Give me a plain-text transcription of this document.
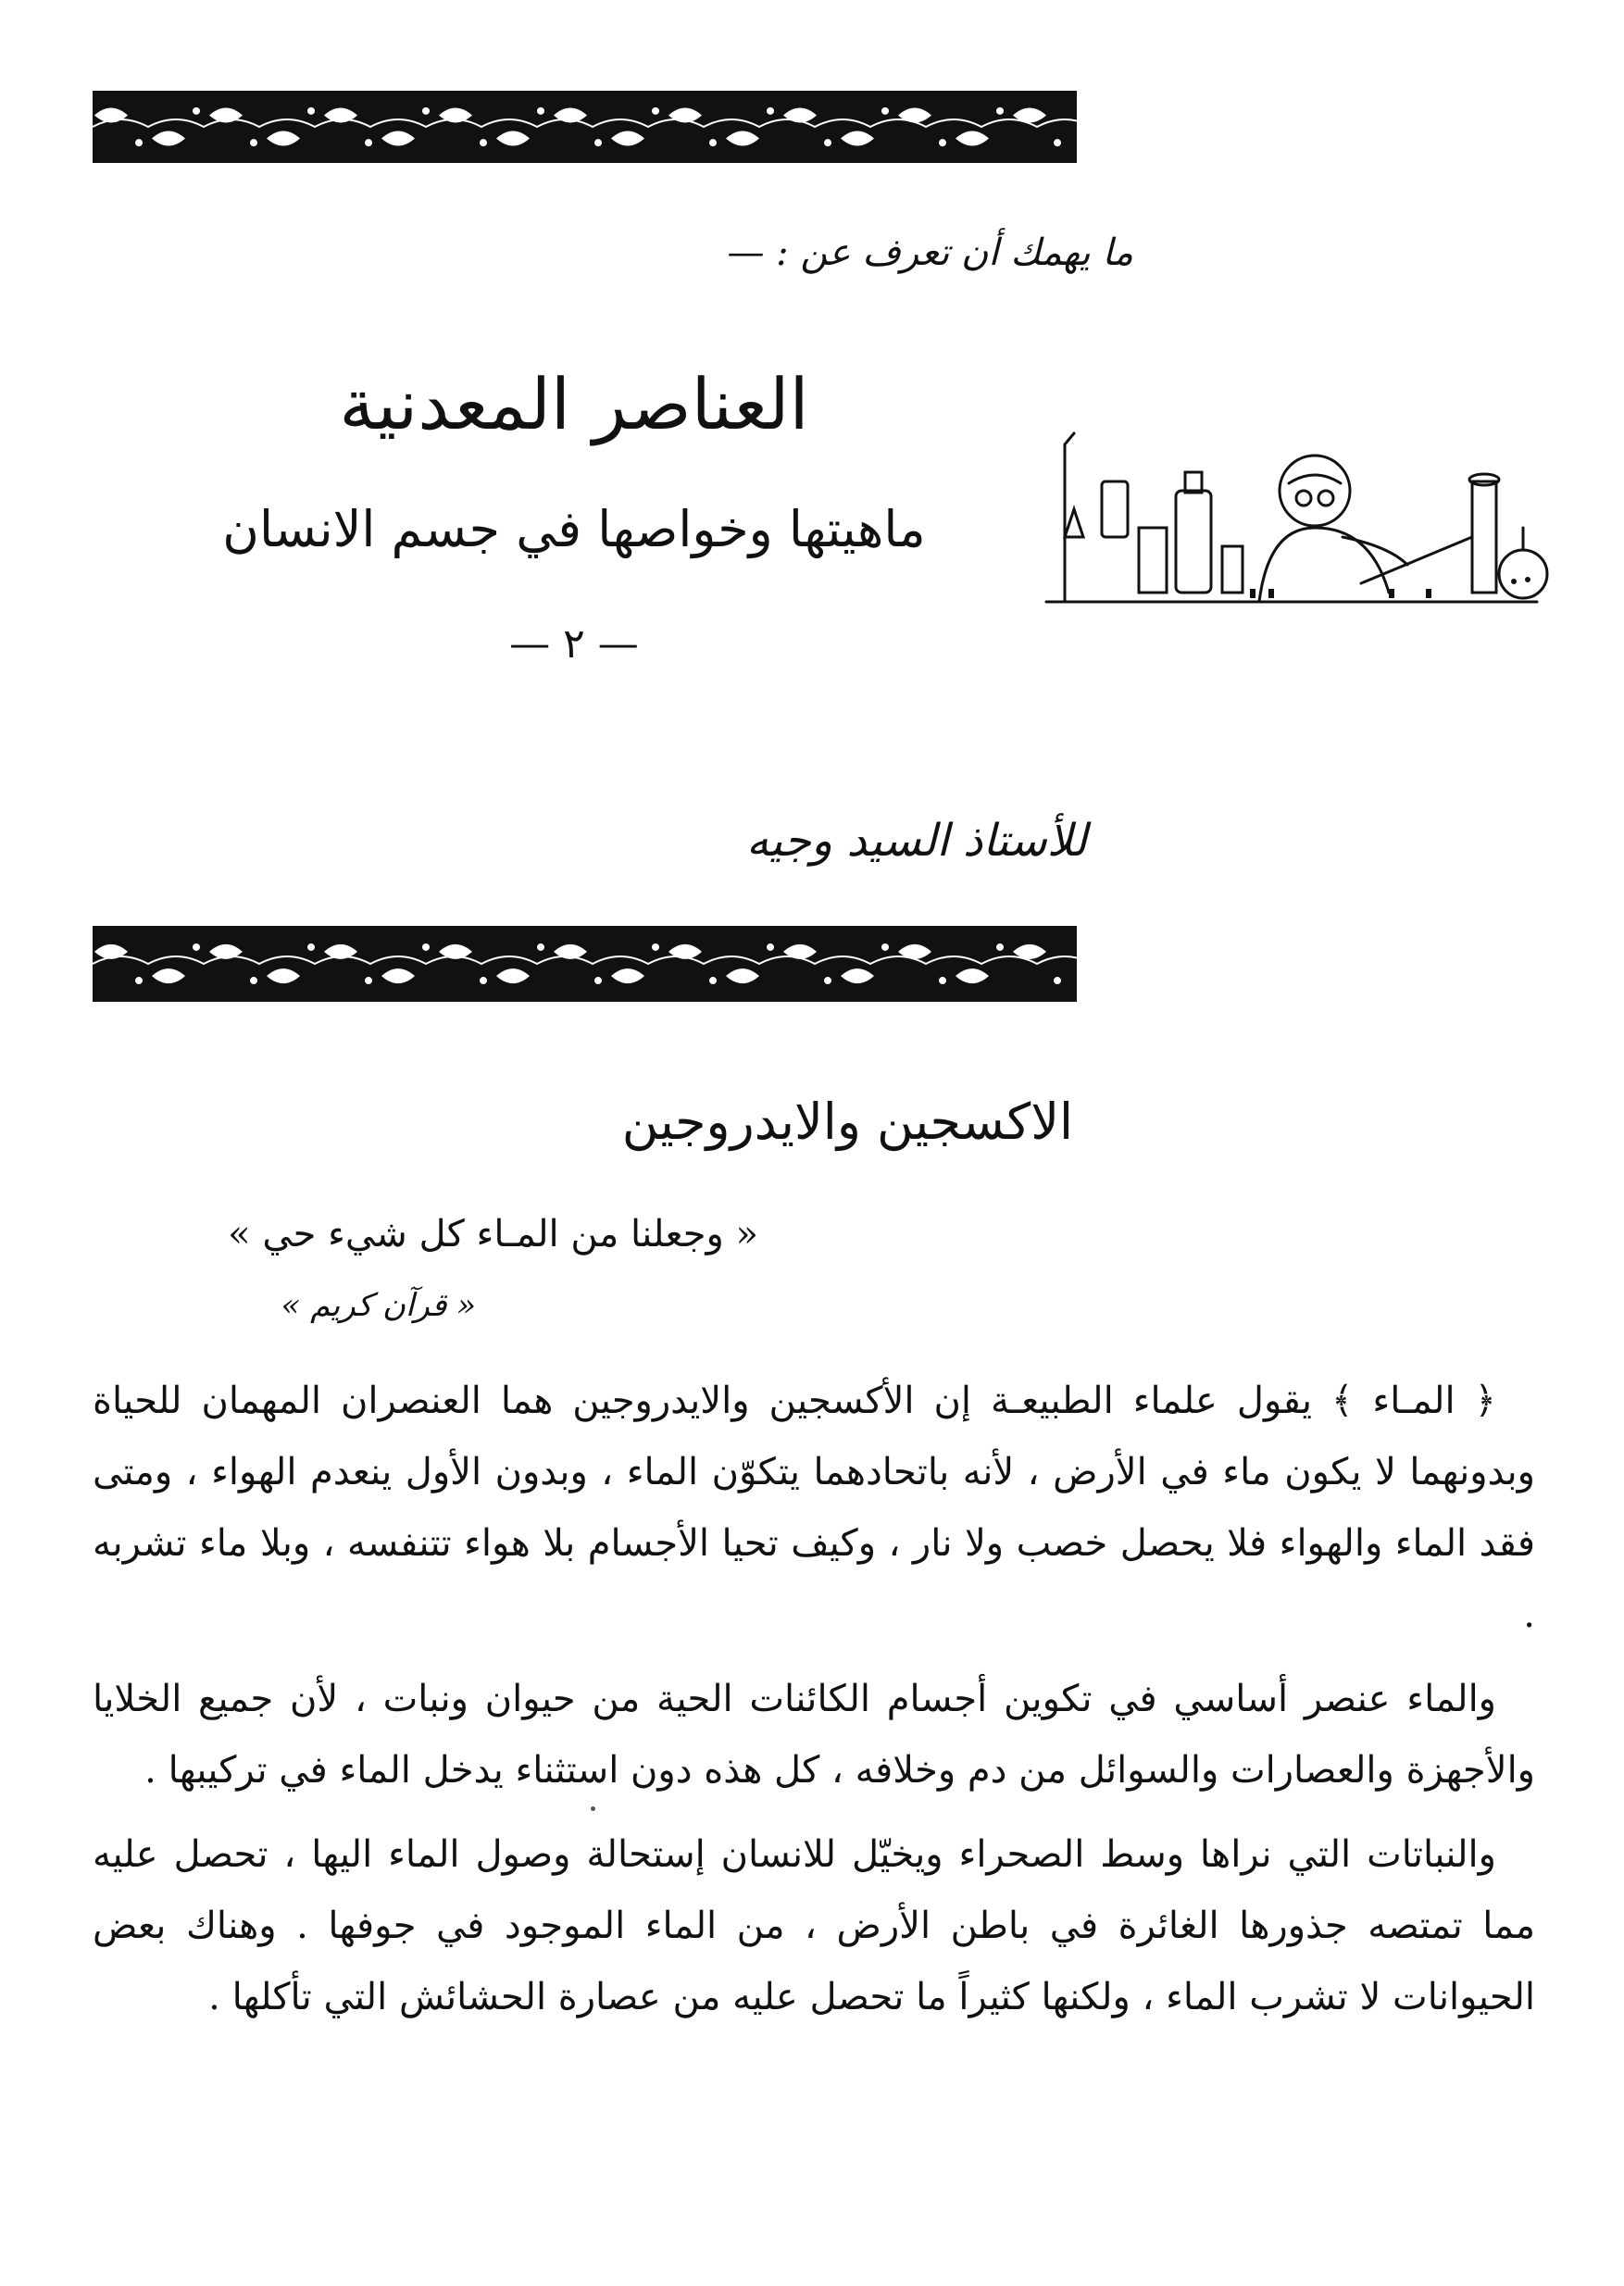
ما يهمك أن تعرف عن : —
العناصر المعدنية
ماهيتها وخواصها في جسم الانسان
— ٢ —
للأستاذ السيد وجيه
الاكسجين والايدروجين
« وجعلنا من المـاء كل شيء حي »
« قرآن كريم »

﴿ المـاء ﴾ يقول علماء الطبيعـة إن الأكسجين والايدروجين هما العنصران المهمان للحياة وبدونهما لا يكون ماء في الأرض ، لأنه باتحادهما يتكوّن الماء ، وبدون الأول ينعدم الهواء ، ومتى فقد الماء والهواء فلا يحصل خصب ولا نار ، وكيف تحيا الأجسام بلا هواء تتنفسه ، وبلا ماء تشربه .

والماء عنصر أساسي في تكوين أجسام الكائنات الحية من حيوان ونبات ، لأن جميع الخلايا والأجهزة والعصارات والسوائل من دم وخلافه ، كل هذه دون استثناء يدخل الماء في تركيبها .

والنباتات التي نراها وسط الصحراء ويخيّل للانسان إستحالة وصول الماء اليها ، تحصل عليه مما تمتصه جذورها الغائرة في باطن الأرض ، من الماء الموجود في جوفها . وهناك بعض الحيوانات لا تشرب الماء ، ولكنها كثيراً ما تحصل عليه من عصارة الحشائش التي تأكلها .
